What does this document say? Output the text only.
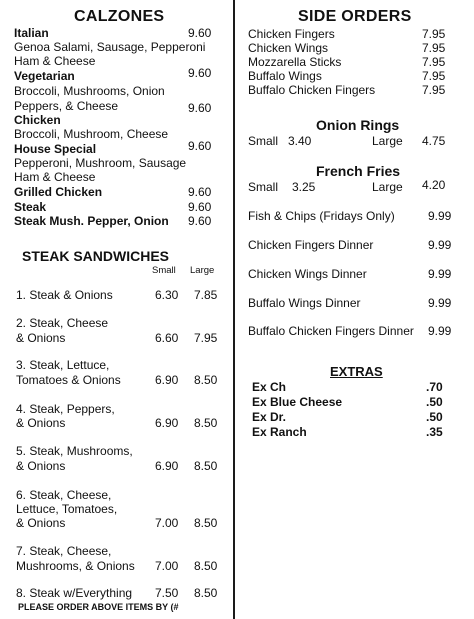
CALZONES
Italian	9.60
Genoa Salami, Sausage, Pepperoni
Ham & Cheese
Vegetarian	9.60
Broccoli, Mushrooms, Onion
Peppers, & Cheese	9.60
Chicken
Broccoli, Mushroom, Cheese
House Special	9.60
Pepperoni, Mushroom, Sausage
Ham & Cheese
Grilled Chicken	9.60
Steak	9.60
Steak Mush. Pepper, Onion 9.60
STEAK SANDWICHES
Small Large
1. Steak & Onions	6.30 7.85
2. Steak, Cheese
& Onions	6.60 7.95
3. Steak, Lettuce,
Tomatoes & Onions	6.90 8.50
4. Steak, Peppers,
& Onions	6.90 8.50
5. Steak, Mushrooms,
& Onions	6.90 8.50
6. Steak, Cheese,
Lettuce, Tomatoes,
& Onions	7.00 8.50
7. Steak, Cheese,
Mushrooms, & Onions 7.00 8.50
8. Steak w/Everything 7.50 8.50
PLEASE ORDER ABOVE ITEMS BY (#
SIDE ORDERS
Chicken Fingers	7.95
Chicken Wings	7.95
Mozzarella Sticks	7.95
Buffalo Wings	7.95
Buffalo Chicken Fingers	7.95
Onion Rings
Small 3.40	Large 4.75
French Fries
Small 3.25	Large 4.20
Fish & Chips (Fridays Only)	9.99
Chicken Fingers Dinner	9.99
Chicken Wings Dinner	9.99
Buffalo Wings Dinner	9.99
Buffalo Chicken Fingers Dinner 9.99
EXTRAS
Ex Ch	.70
Ex Blue Cheese	.50
Ex Dr.	.50
Ex Ranch	.35
